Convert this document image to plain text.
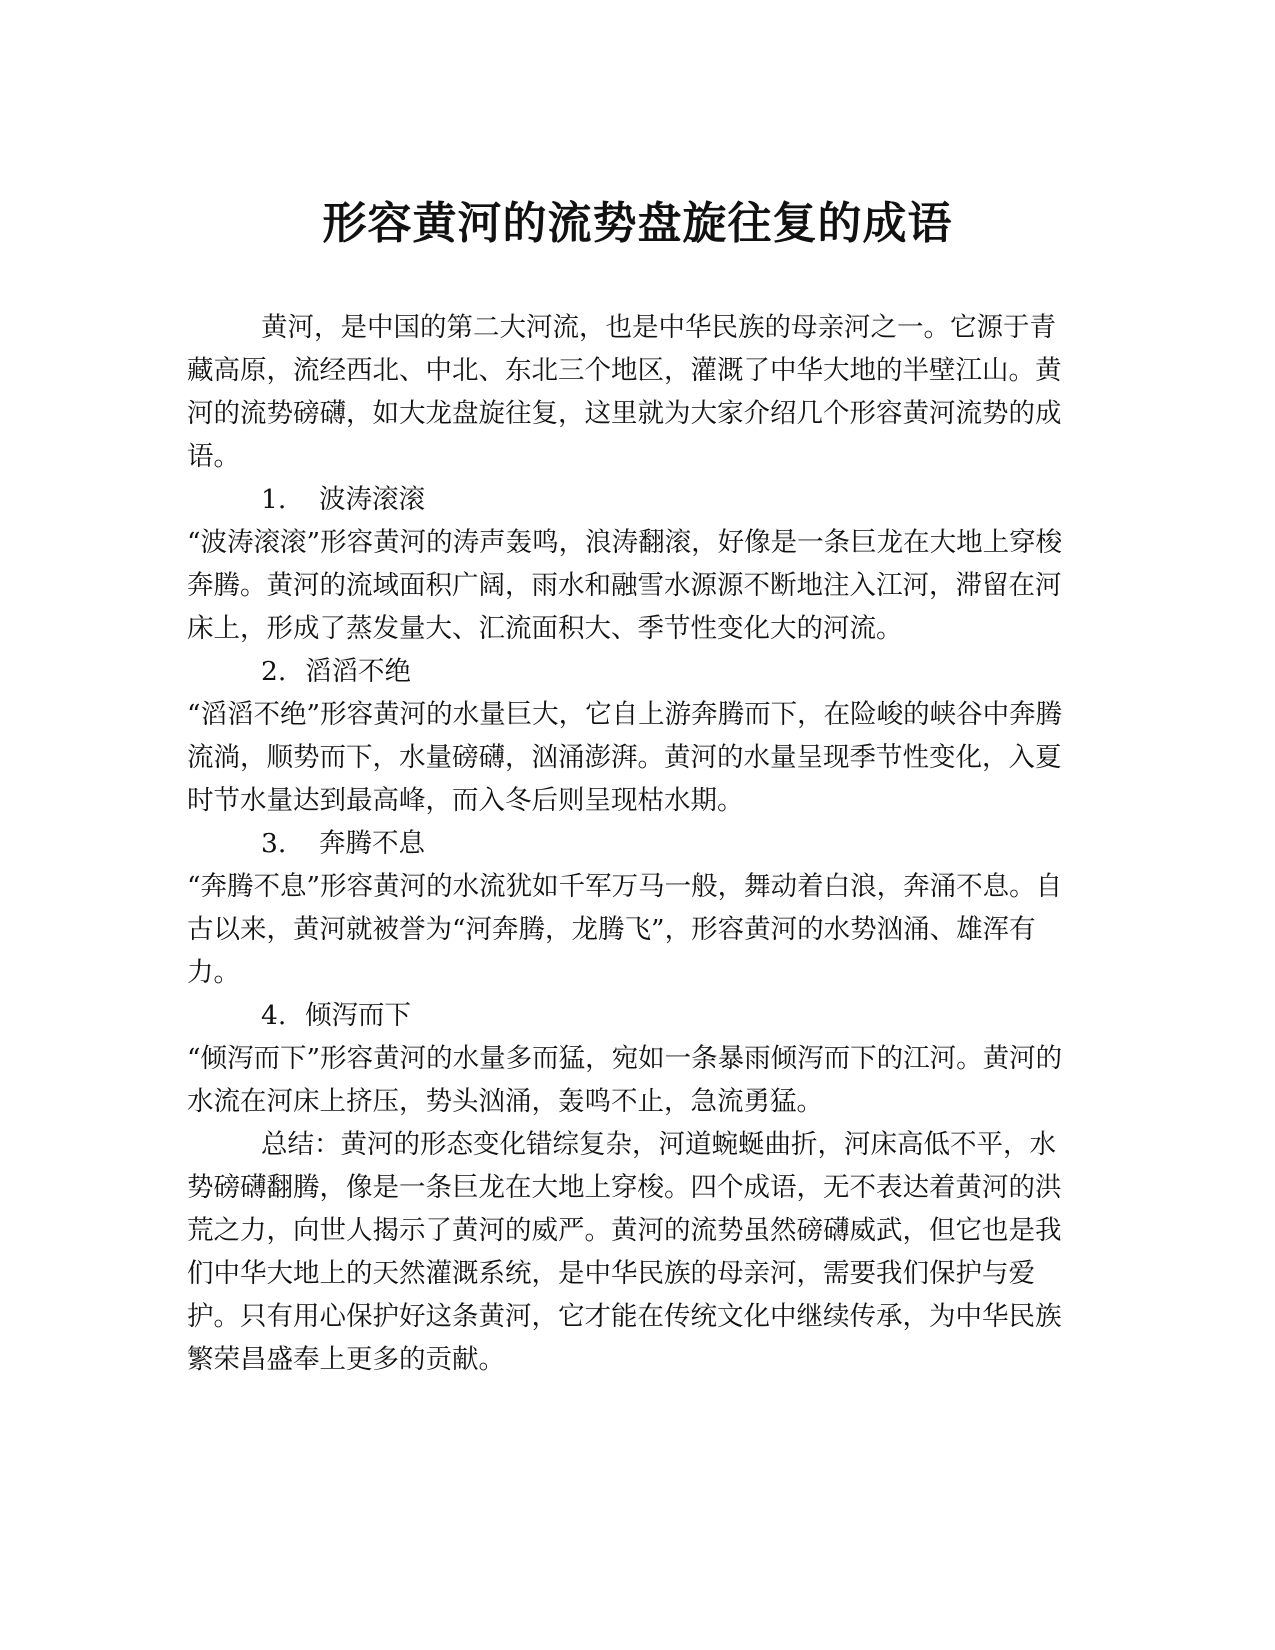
形容黄河的流势盘旋往复的成语

黄河，是中国的第二大河流，也是中华民族的母亲河之一。它源于青藏高原，流经西北、中北、东北三个地区，灌溉了中华大地的半壁江山。黄河的流势磅礴，如大龙盘旋往复，这里就为大家介绍几个形容黄河流势的成语。

1. 波涛滚滚

“波涛滚滚”形容黄河的涛声轰鸣，浪涛翻滚，好像是一条巨龙在大地上穿梭奔腾。黄河的流域面积广阔，雨水和融雪水源源不断地注入江河，滞留在河床上，形成了蒸发量大、汇流面积大、季节性变化大的河流。

2. 滔滔不绝

“滔滔不绝”形容黄河的水量巨大，它自上游奔腾而下，在险峻的峡谷中奔腾流淌，顺势而下，水量磅礴，汹涌澎湃。黄河的水量呈现季节性变化，入夏时节水量达到最高峰，而入冬后则呈现枯水期。

3. 奔腾不息

“奔腾不息”形容黄河的水流犹如千军万马一般，舞动着白浪，奔涌不息。自古以来，黄河就被誉为“河奔腾，龙腾飞”，形容黄河的水势汹涌、雄浑有力。

4. 倾泻而下

“倾泻而下”形容黄河的水量多而猛，宛如一条暴雨倾泻而下的江河。黄河的水流在河床上挤压，势头汹涌，轰鸣不止，急流勇猛。

总结：黄河的形态变化错综复杂，河道蜿蜒曲折，河床高低不平，水势磅礴翻腾，像是一条巨龙在大地上穿梭。四个成语，无不表达着黄河的洪荒之力，向世人揭示了黄河的威严。黄河的流势虽然磅礴威武，但它也是我们中华大地上的天然灌溉系统，是中华民族的母亲河，需要我们保护与爱护。只有用心保护好这条黄河，它才能在传统文化中继续传承，为中华民族繁荣昌盛奉上更多的贡献。
